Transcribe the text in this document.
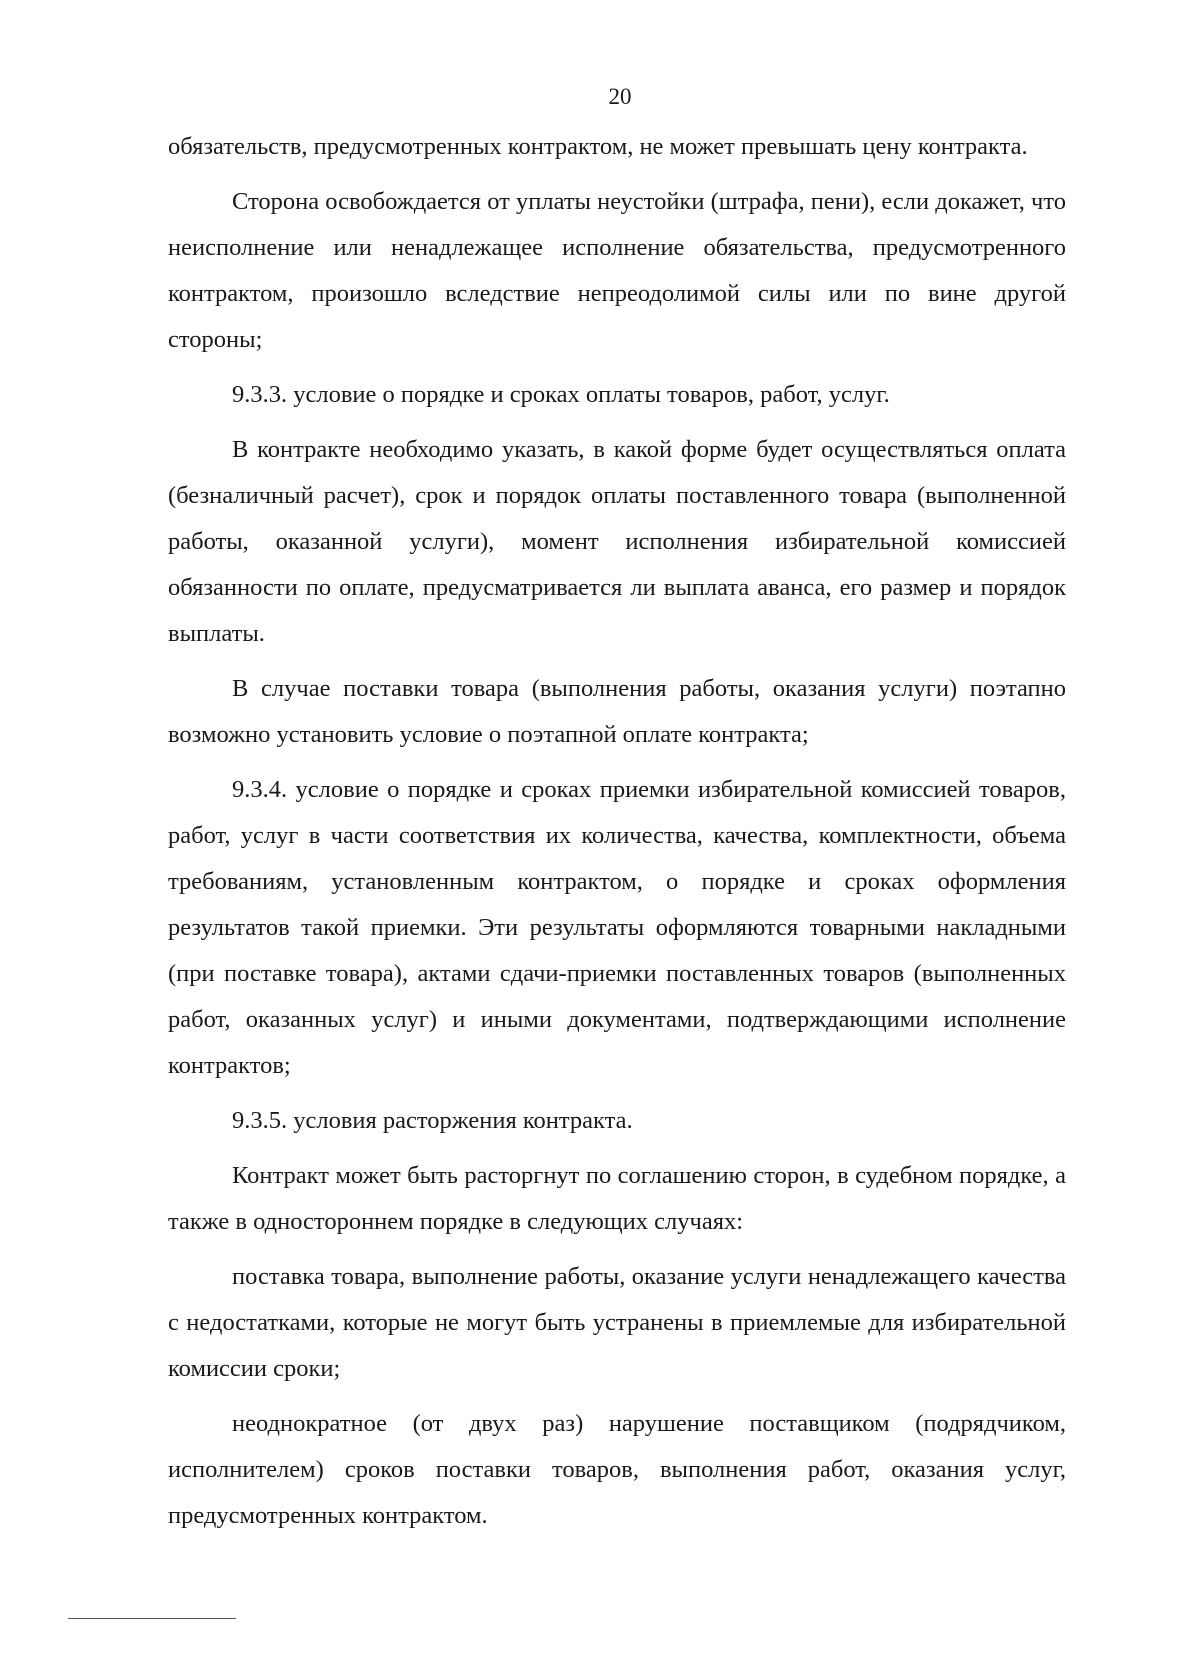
20

обязательств, предусмотренных контрактом, не может превышать цену контракта.

Сторона освобождается от уплаты неустойки (штрафа, пени), если докажет, что неисполнение или ненадлежащее исполнение обязательства, предусмотренного контрактом, произошло вследствие непреодолимой силы или по вине другой стороны;

9.3.3. условие о порядке и сроках оплаты товаров, работ, услуг.

В контракте необходимо указать, в какой форме будет осуществляться оплата (безналичный расчет), срок и порядок оплаты поставленного товара (выполненной работы, оказанной услуги), момент исполнения избирательной комиссией обязанности по оплате, предусматривается ли выплата аванса, его размер и порядок выплаты.

В случае поставки товара (выполнения работы, оказания услуги) поэтапно возможно установить условие о поэтапной оплате контракта;

9.3.4. условие о порядке и сроках приемки избирательной комиссией товаров, работ, услуг в части соответствия их количества, качества, комплектности, объема требованиям, установленным контрактом, о порядке и сроках оформления результатов такой приемки. Эти результаты оформляются товарными накладными (при поставке товара), актами сдачи-приемки поставленных товаров (выполненных работ, оказанных услуг) и иными документами, подтверждающими исполнение контрактов;

9.3.5. условия расторжения контракта.

Контракт может быть расторгнут по соглашению сторон, в судебном порядке, а также в одностороннем порядке в следующих случаях:

поставка товара, выполнение работы, оказание услуги ненадлежащего качества с недостатками, которые не могут быть устранены в приемлемые для избирательной комиссии сроки;

неоднократное (от двух раз) нарушение поставщиком (подрядчиком, исполнителем) сроков поставки товаров, выполнения работ, оказания услуг, предусмотренных контрактом.
